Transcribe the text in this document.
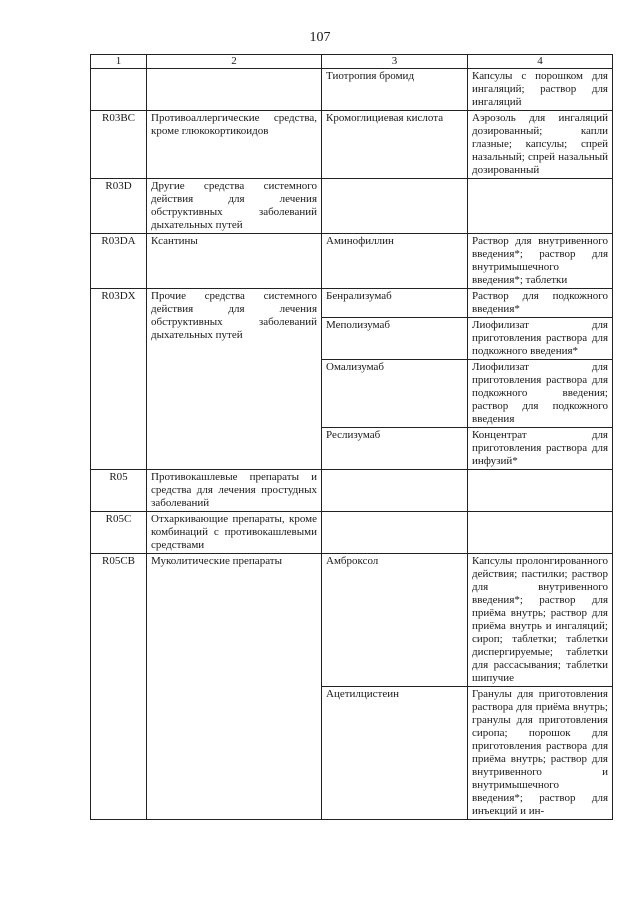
107
1	2	3	4
		Тиотропия бромид	Капсулы с порошком для ингаляций; раствор для ингаляций
R03BC	Противоаллергические средства, кроме глюкокортикоидов	Кромоглициевая кислота	Аэрозоль для ингаляций дозированный; капли глазные; капсулы; спрей назальный; спрей назальный дозированный
R03D	Другие средства системного действия для лечения обструктивных заболеваний дыхательных путей		
R03DA	Ксантины	Аминофиллин	Раствор для внутривенного введения*; раствор для внутримышечного введения*; таблетки
R03DX	Прочие средства системного действия для лечения обструктивных заболеваний дыхательных путей	Бенрализумаб	Раствор для подкожного введения*
		Меполизумаб	Лиофилизат для приготовления раствора для подкожного введения*
		Омализумаб	Лиофилизат для приготовления раствора для подкожного введения; раствор для подкожного введения
		Реслизумаб	Концентрат для приготовления раствора для инфузий*
R05	Противокашлевые препараты и средства для лечения простудных заболеваний		
R05C	Отхаркивающие препараты, кроме комбинаций с противокашлевыми средствами		
R05CB	Муколитические препараты	Амброксол	Капсулы пролонгированного действия; пастилки; раствор для внутривенного введения*; раствор для приёма внутрь; раствор для приёма внутрь и ингаляций; сироп; таблетки; таблетки диспергируемые; таблетки для рассасывания; таблетки шипучие
		Ацетилцистеин	Гранулы для приготовления раствора для приёма внутрь; гранулы для приготовления сиропа; порошок для приготовления раствора для приёма внутрь; раствор для внутривенного и внутримышечного введения*; раствор для инъекций и ин-
